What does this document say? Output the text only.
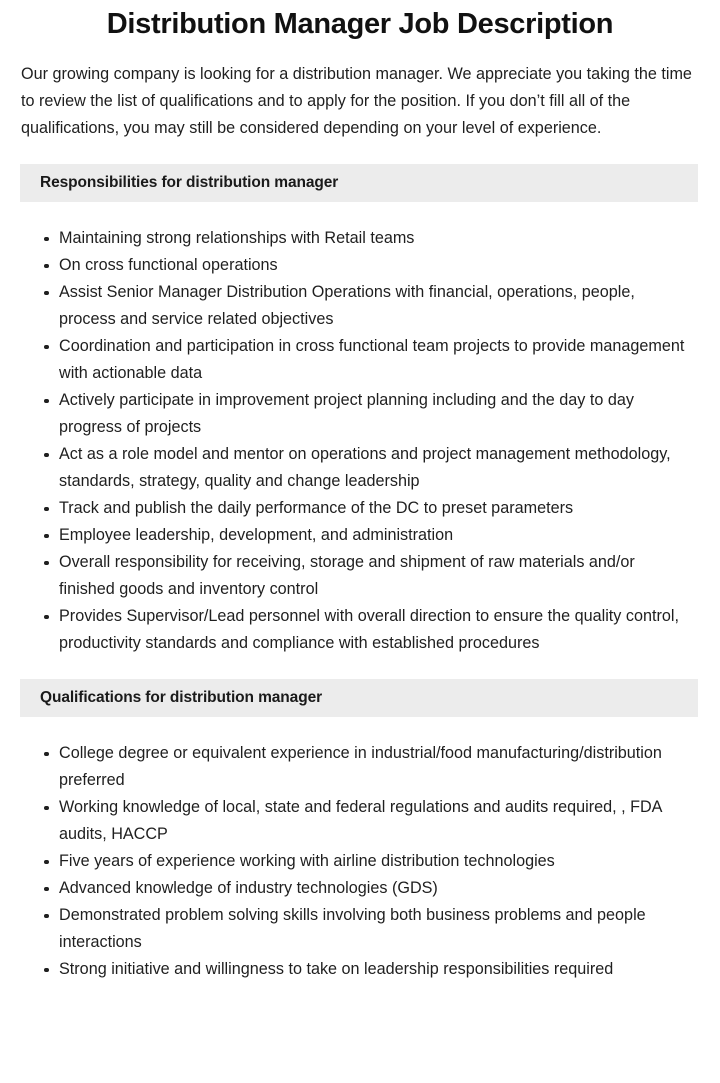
Distribution Manager Job Description

Our growing company is looking for a distribution manager. We appreciate you taking the time to review the list of qualifications and to apply for the position. If you don’t fill all of the qualifications, you may still be considered depending on your level of experience.

Responsibilities for distribution manager
Maintaining strong relationships with Retail teams
On cross functional operations
Assist Senior Manager Distribution Operations with financial, operations, people, process and service related objectives
Coordination and participation in cross functional team projects to provide management with actionable data
Actively participate in improvement project planning including and the day to day progress of projects
Act as a role model and mentor on operations and project management methodology, standards, strategy, quality and change leadership
Track and publish the daily performance of the DC to preset parameters
Employee leadership, development, and administration
Overall responsibility for receiving, storage and shipment of raw materials and/or finished goods and inventory control
Provides Supervisor/Lead personnel with overall direction to ensure the quality control, productivity standards and compliance with established procedures
Qualifications for distribution manager
College degree or equivalent experience in industrial/food manufacturing/distribution preferred
Working knowledge of local, state and federal regulations and audits required, , FDA audits, HACCP
Five years of experience working with airline distribution technologies
Advanced knowledge of industry technologies (GDS)
Demonstrated problem solving skills involving both business problems and people interactions
Strong initiative and willingness to take on leadership responsibilities required
